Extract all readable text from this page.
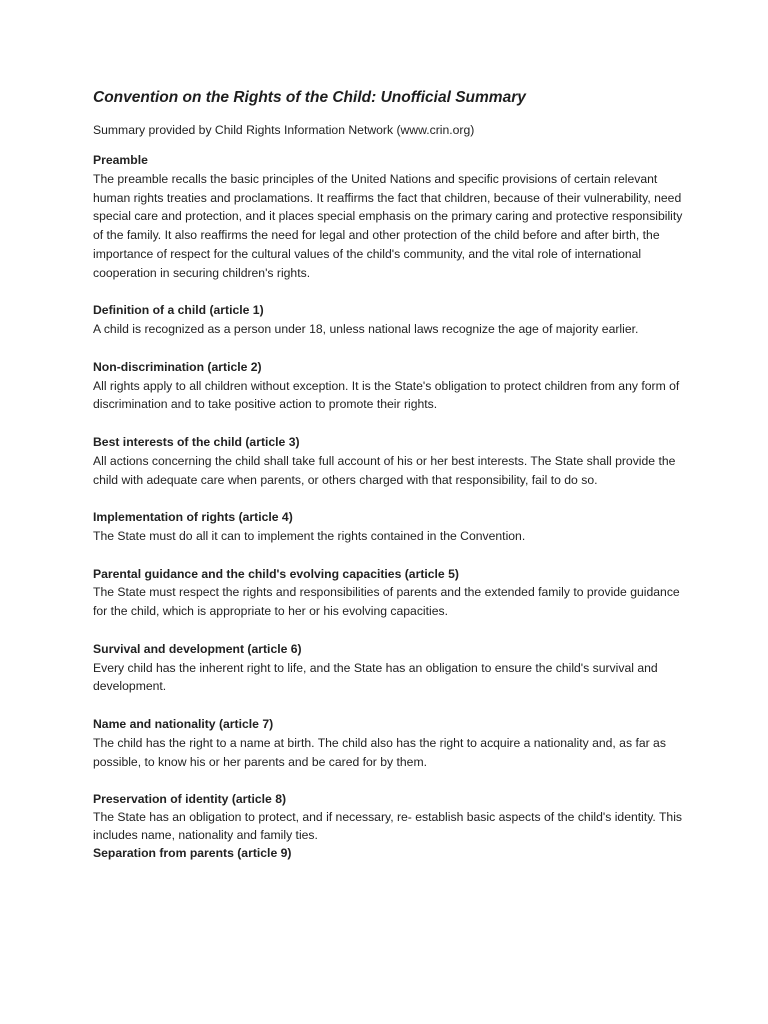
Convention on the Rights of the Child: Unofficial Summary

Summary provided by Child Rights Information Network (www.crin.org)

Preamble

The preamble recalls the basic principles of the United Nations and specific provisions of certain relevant human rights treaties and proclamations. It reaffirms the fact that children, because of their vulnerability, need special care and protection, and it places special emphasis on the primary caring and protective responsibility of the family. It also reaffirms the need for legal and other protection of the child before and after birth, the importance of respect for the cultural values of the child's community, and the vital role of international cooperation in securing children's rights.

Definition of a child (article 1)

A child is recognized as a person under 18, unless national laws recognize the age of majority earlier.

Non-discrimination (article 2)

All rights apply to all children without exception. It is the State's obligation to protect children from any form of discrimination and to take positive action to promote their rights.

Best interests of the child (article 3)

All actions concerning the child shall take full account of his or her best interests. The State shall provide the child with adequate care when parents, or others charged with that responsibility, fail to do so.

Implementation of rights (article 4)

The State must do all it can to implement the rights contained in the Convention.

Parental guidance and the child's evolving capacities (article 5)

The State must respect the rights and responsibilities of parents and the extended family to provide guidance for the child, which is appropriate to her or his evolving capacities.

Survival and development (article 6)

Every child has the inherent right to life, and the State has an obligation to ensure the child's survival and development.

Name and nationality (article 7)

The child has the right to a name at birth. The child also has the right to acquire a nationality and, as far as possible, to know his or her parents and be cared for by them.

Preservation of identity (article 8)

The State has an obligation to protect, and if necessary, re- establish basic aspects of the child's identity. This includes name, nationality and family ties.

Separation from parents (article 9)
